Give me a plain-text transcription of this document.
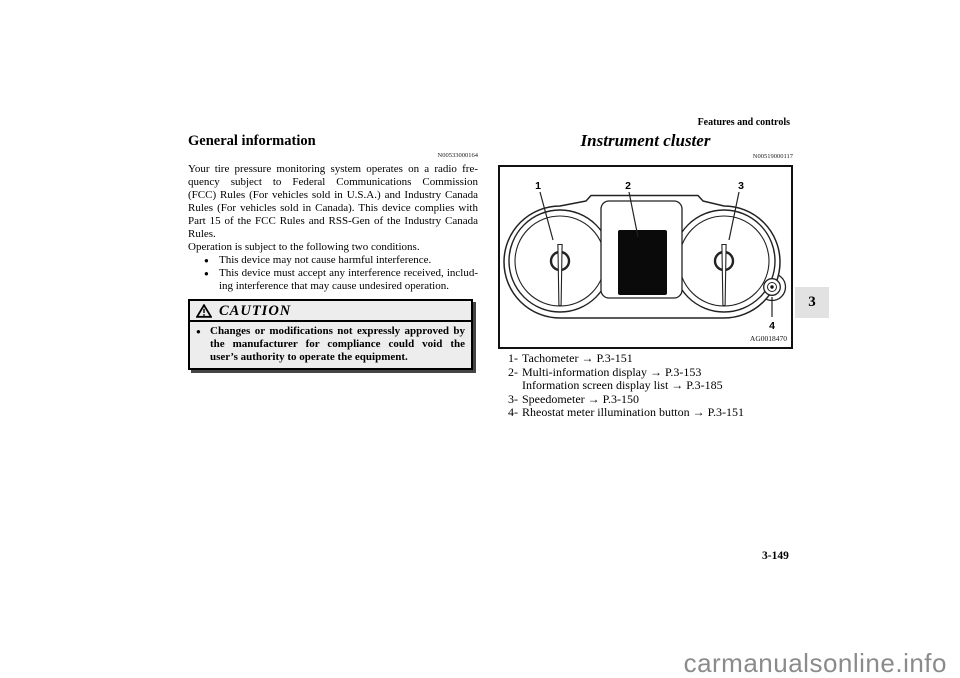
General information
N00533000164
Your tire pressure monitoring system operates on a radio fre-
quency subject to Federal Communications Commission
(FCC) Rules (For vehicles sold in U.S.A.) and Industry Canada
Rules (For vehicles sold in Canada). This device complies with
Part 15 of the FCC Rules and RSS-Gen of the Industry Canada
Rules.
Operation is subject to the following two conditions.
● This device may not cause harmful interference.
● This device must accept any interference received, includ-
ing interference that may cause undesired operation.
CAUTION
● Changes or modifications not expressly approved by
the manufacturer for compliance could void the
user’s authority to operate the equipment.
Features and controls
Instrument cluster
N00519000117
1	2	3
4
AG0018470
1- Tachometer → P.3-151
2- Multi-information display → P.3-153
Information screen display list → P.3-185
3- Speedometer → P.3-150
4- Rheostat meter illumination button → P.3-151
3
3-149
carmanualsonline.info
